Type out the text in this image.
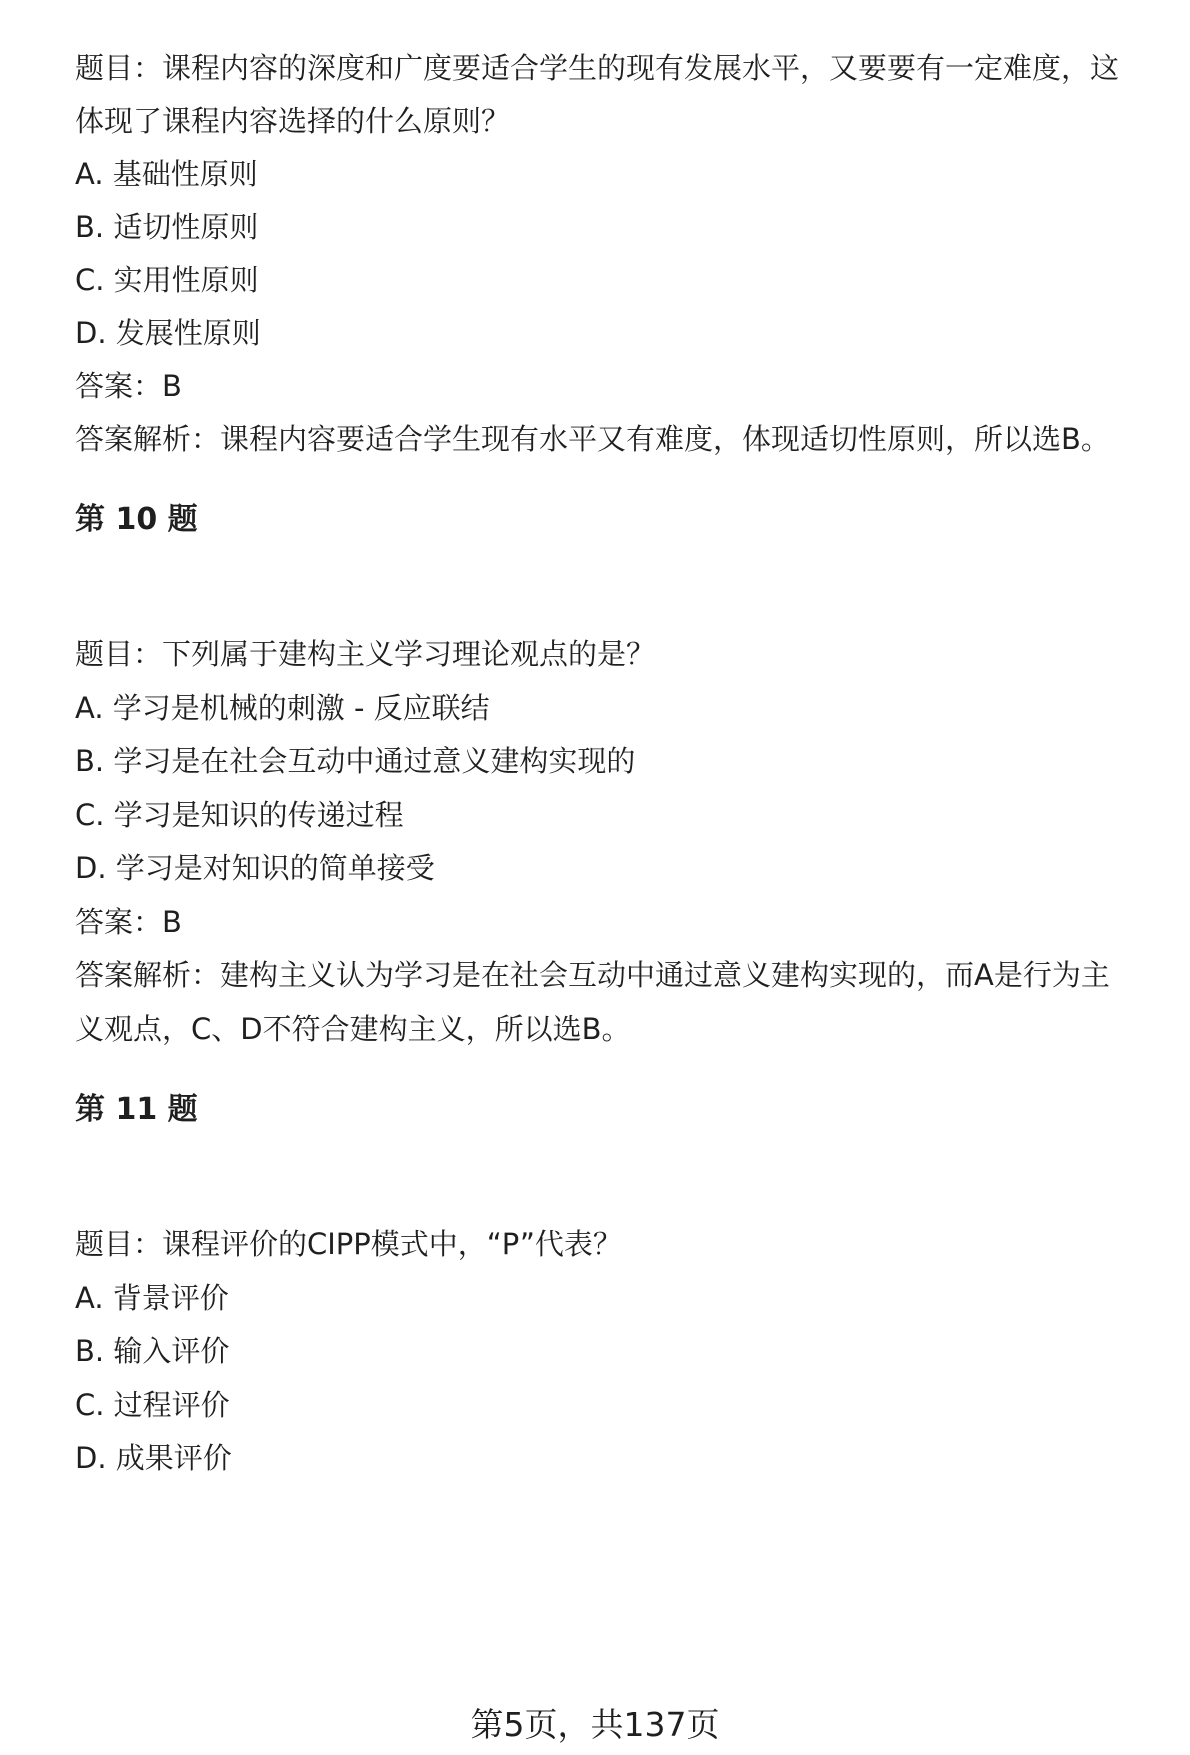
题目：课程内容的深度和广度要适合学生的现有发展水平，又要要有一定难度，这
体现了课程内容选择的什么原则？
A. 基础性原则
B. 适切性原则
C. 实用性原则
D. 发展性原则
答案：B
答案解析：课程内容要适合学生现有水平又有难度，体现适切性原则，所以选B。
第 10 题
题目：下列属于建构主义学习理论观点的是？
A. 学习是机械的刺激 - 反应联结
B. 学习是在社会互动中通过意义建构实现的
C. 学习是知识的传递过程
D. 学习是对知识的简单接受
答案：B
答案解析：建构主义认为学习是在社会互动中通过意义建构实现的，而A是行为主
义观点，C、D不符合建构主义，所以选B。
第 11 题
题目：课程评价的CIPP模式中，“P”代表？
A. 背景评价
B. 输入评价
C. 过程评价
D. 成果评价
第5页，共137页
